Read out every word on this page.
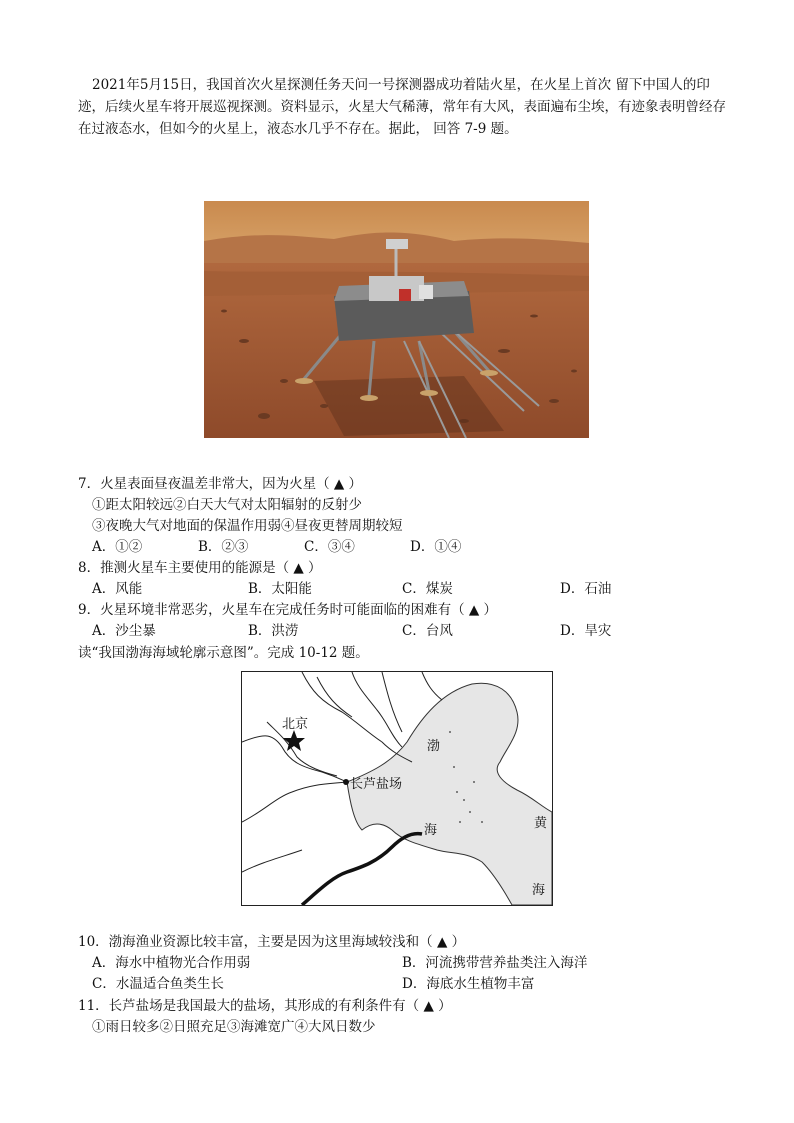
2021年5月15日，我国首次火星探测任务天问一号探测器成功着陆火星，在火星上首次 留下中国人的印迹，后续火星车将开展巡视探测。资料显示，火星大气稀薄，常年有大风，表面遍布尘埃，有迹象表明曾经存在过液态水，但如今的火星上，液态水几乎不存在。据此， 回答 7-9 题。
7．火星表面昼夜温差非常大，因为火星（ ▲ ）
①距太阳较远②白天大气对太阳辐射的反射少
③夜晚大气对地面的保温作用弱④昼夜更替周期较短
A．①②	B．②③	C．③④	D．①④
8．推测火星车主要使用的能源是（ ▲ ）
A．风能	B．太阳能	C．煤炭	D．石油
9．火星环境非常恶劣，火星车在完成任务时可能面临的困难有（ ▲ ）
A．沙尘暴	B．洪涝	C．台风	D．旱灾
读“我国渤海海域轮廓示意图”。完成 10-12 题。
北京
长芦盐场
渤
海	黄
海
10．渤海渔业资源比较丰富，主要是因为这里海域较浅和（ ▲ ）
A．海水中植物光合作用弱	B．河流携带营养盐类注入海洋
C．水温适合鱼类生长	D．海底水生植物丰富
11．长芦盐场是我国最大的盐场，其形成的有利条件有（ ▲ ）
①雨日较多②日照充足③海滩宽广④大风日数少
